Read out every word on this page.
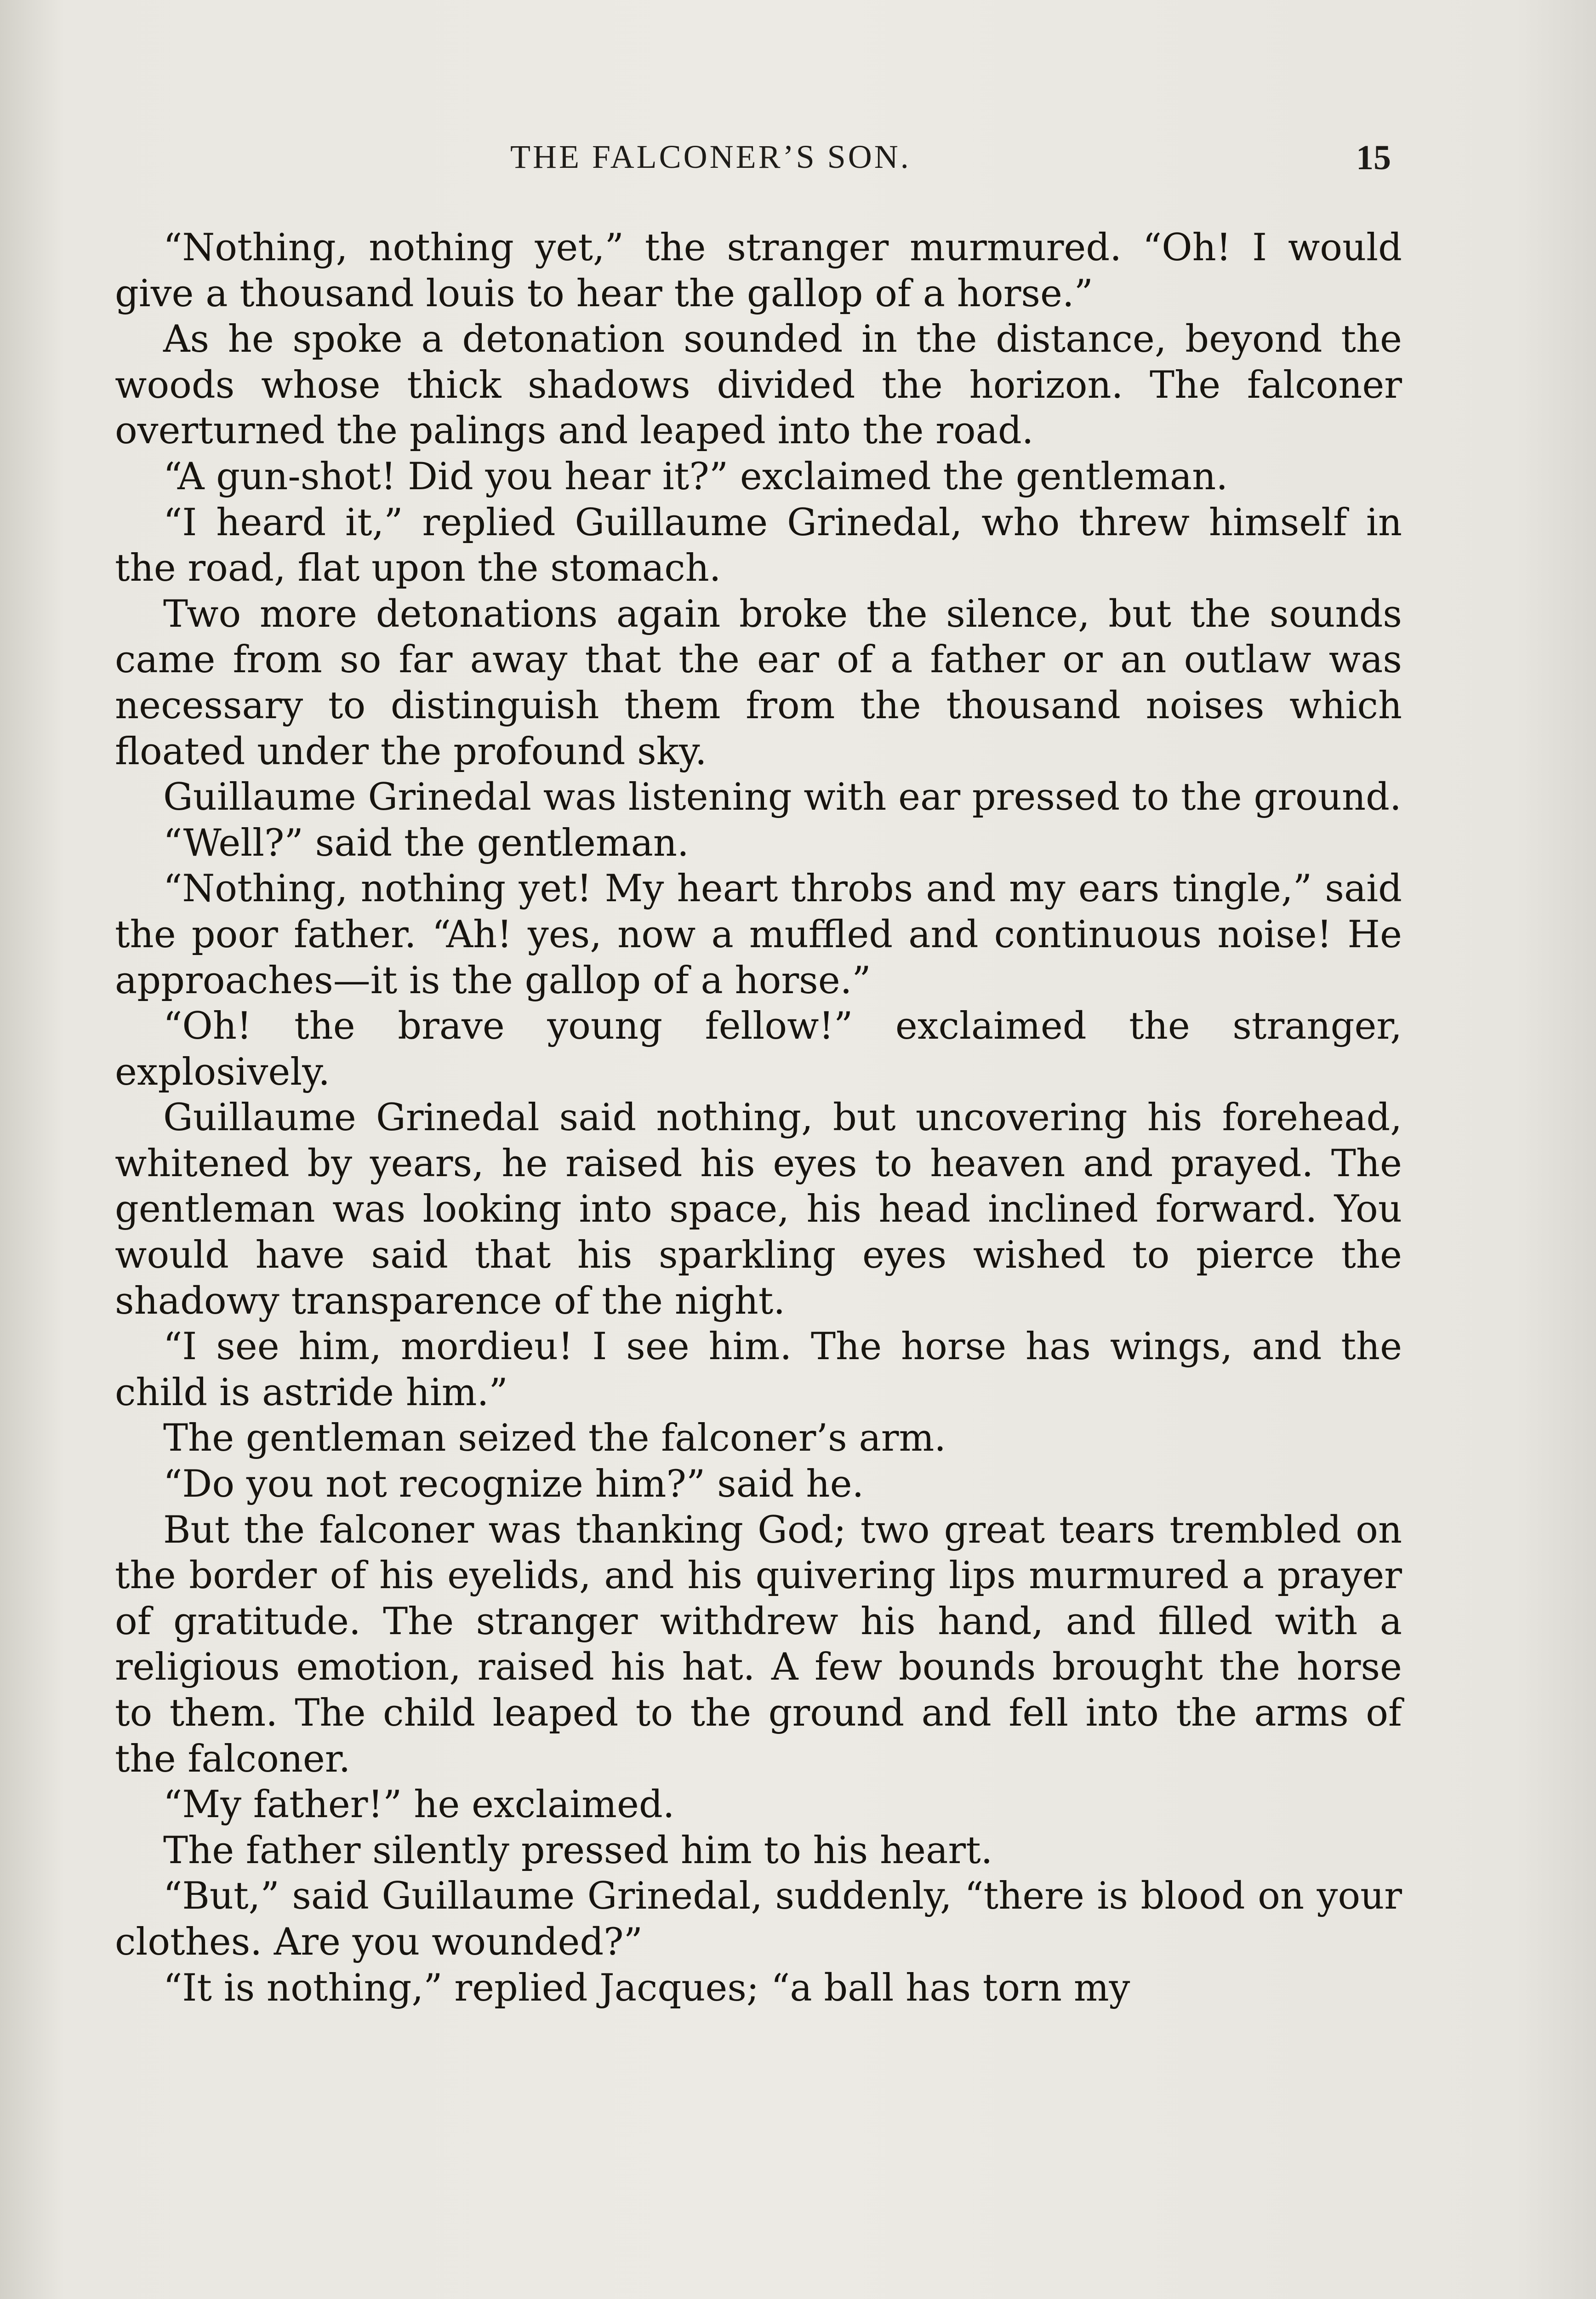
THE FALCONER’S SON.	15

“Nothing, nothing yet,” the stranger murmured. “Oh! I would give a thousand louis to hear the gallop of a horse.”

As he spoke a detonation sounded in the distance, beyond the woods whose thick shadows divided the horizon. The falconer overturned the palings and leaped into the road.

“A gun-shot! Did you hear it?” exclaimed the gentleman.

“I heard it,” replied Guillaume Grinedal, who threw himself in the road, flat upon the stomach.

Two more detonations again broke the silence, but the sounds came from so far away that the ear of a father or an outlaw was necessary to distinguish them from the thousand noises which floated under the profound sky.

Guillaume Grinedal was listening with ear pressed to the ground.

“Well?” said the gentleman.

“Nothing, nothing yet! My heart throbs and my ears tingle,” said the poor father. “Ah! yes, now a muffled and continuous noise! He approaches—it is the gallop of a horse.”

“Oh! the brave young fellow!” exclaimed the stranger, explosively.

Guillaume Grinedal said nothing, but uncovering his forehead, whitened by years, he raised his eyes to heaven and prayed. The gentleman was looking into space, his head inclined forward. You would have said that his sparkling eyes wished to pierce the shadowy transparence of the night.

“I see him, mordieu! I see him. The horse has wings, and the child is astride him.”

The gentleman seized the falconer’s arm.

“Do you not recognize him?” said he.

But the falconer was thanking God; two great tears trembled on the border of his eyelids, and his quivering lips murmured a prayer of gratitude. The stranger withdrew his hand, and filled with a religious emotion, raised his hat. A few bounds brought the horse to them. The child leaped to the ground and fell into the arms of the falconer.

“My father!” he exclaimed.

The father silently pressed him to his heart.

“But,” said Guillaume Grinedal, suddenly, “there is blood on your clothes. Are you wounded?”

“It is nothing,” replied Jacques; “a ball has torn my
